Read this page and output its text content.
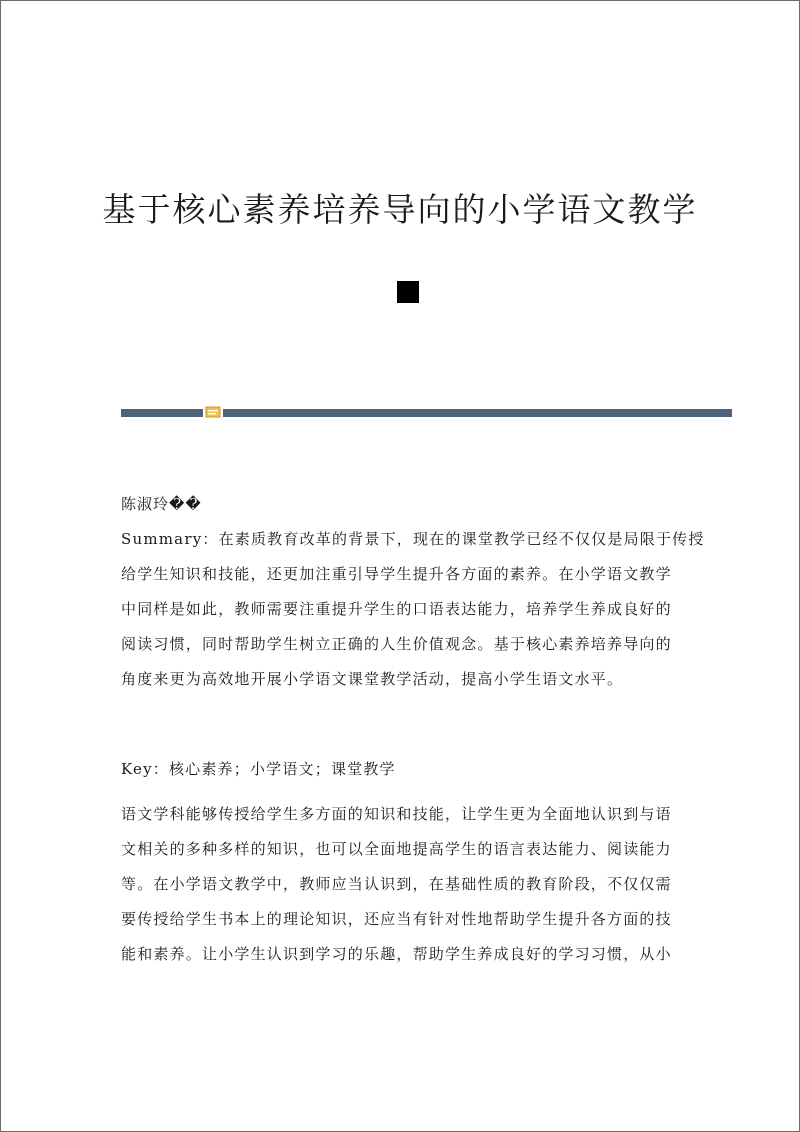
基于核心素养培养导向的小学语文教学
陈淑玲��
Summary：在素质教育改革的背景下，现在的课堂教学已经不仅仅是局限于传授
给学生知识和技能，还更加注重引导学生提升各方面的素养。在小学语文教学
中同样是如此，教师需要注重提升学生的口语表达能力，培养学生养成良好的
阅读习惯，同时帮助学生树立正确的人生价值观念。基于核心素养培养导向的
角度来更为高效地开展小学语文课堂教学活动，提高小学生语文水平。
Key：核心素养；小学语文；课堂教学
语文学科能够传授给学生多方面的知识和技能，让学生更为全面地认识到与语
文相关的多种多样的知识，也可以全面地提高学生的语言表达能力、阅读能力
等。在小学语文教学中，教师应当认识到，在基础性质的教育阶段，不仅仅需
要传授给学生书本上的理论知识，还应当有针对性地帮助学生提升各方面的技
能和素养。让小学生认识到学习的乐趣，帮助学生养成良好的学习习惯，从小
